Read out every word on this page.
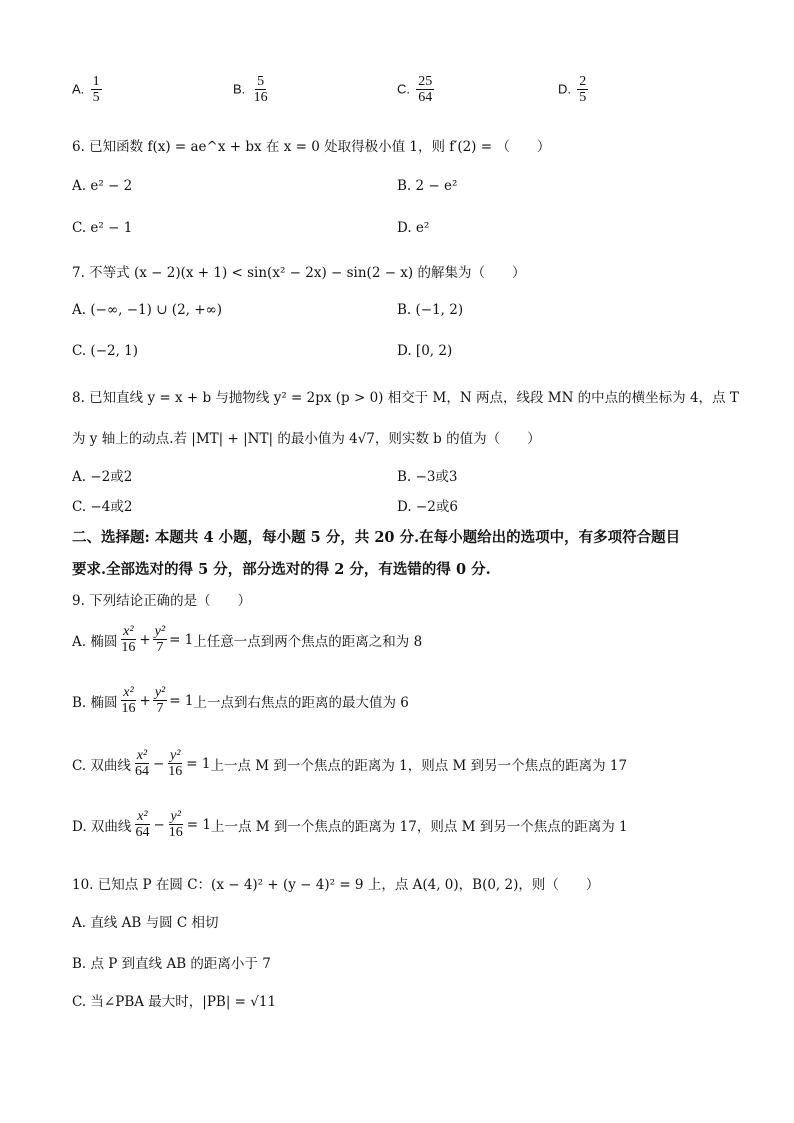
A. $\frac{1}{5}$	B. $\frac{5}{16}$	C. $\frac{25}{64}$	D. $\frac{2}{5}$
6. 已知函数 f(x) = ae^x + bx 在 x = 0 处取得极小值 1，则 f′(2) = （　　）
A. e² − 2	B. 2 − e²
C. e² − 1	D. e²
7. 不等式 (x − 2)(x + 1) < sin(x² − 2x) − sin(2 − x) 的解集为（　　）
A. (−∞, −1) ∪ (2, +∞)	B. (−1, 2)
C. (−2, 1)	D. [0, 2)
8. 已知直线 y = x + b 与抛物线 y² = 2px (p > 0) 相交于 M，N 两点，线段 MN 的中点的横坐标为 4，点 T
为 y 轴上的动点.若 |MT| + |NT| 的最小值为 4√7，则实数 b 的值为（　　）
A. −2或2	B. −3或3
C. −4或2	D. −2或6
二、选择题: 本题共 4 小题，每小题 5 分，共 20 分.在每小题给出的选项中，有多项符合题目
要求.全部选对的得 5 分，部分选对的得 2 分，有选错的得 0 分.
9. 下列结论正确的是（　　）
A. 椭圆 $\frac{\text{x²}}{16} + \frac{\text{y²}}{7} = 1$ 上任意一点到两个焦点的距离之和为 8
B. 椭圆 $\frac{\text{x²}}{16} + \frac{\text{y²}}{7} = 1$ 上一点到右焦点的距离的最大值为 6
C. 双曲线 $\frac{\text{x²}}{64} - \frac{\text{y²}}{16} = 1$ 上一点 M 到一个焦点的距离为 1，则点 M 到另一个焦点的距离为 17
D. 双曲线 $\frac{\text{x²}}{64} - \frac{\text{y²}}{16} = 1$ 上一点 M 到一个焦点的距离为 17，则点 M 到另一个焦点的距离为 1
10. 已知点 P 在圆 C：(x − 4)² + (y − 4)² = 9 上，点 A(4, 0)，B(0, 2)，则（　　）
A. 直线 AB 与圆 C 相切
B. 点 P 到直线 AB 的距离小于 7
C. 当∠PBA 最大时，|PB| = √11
